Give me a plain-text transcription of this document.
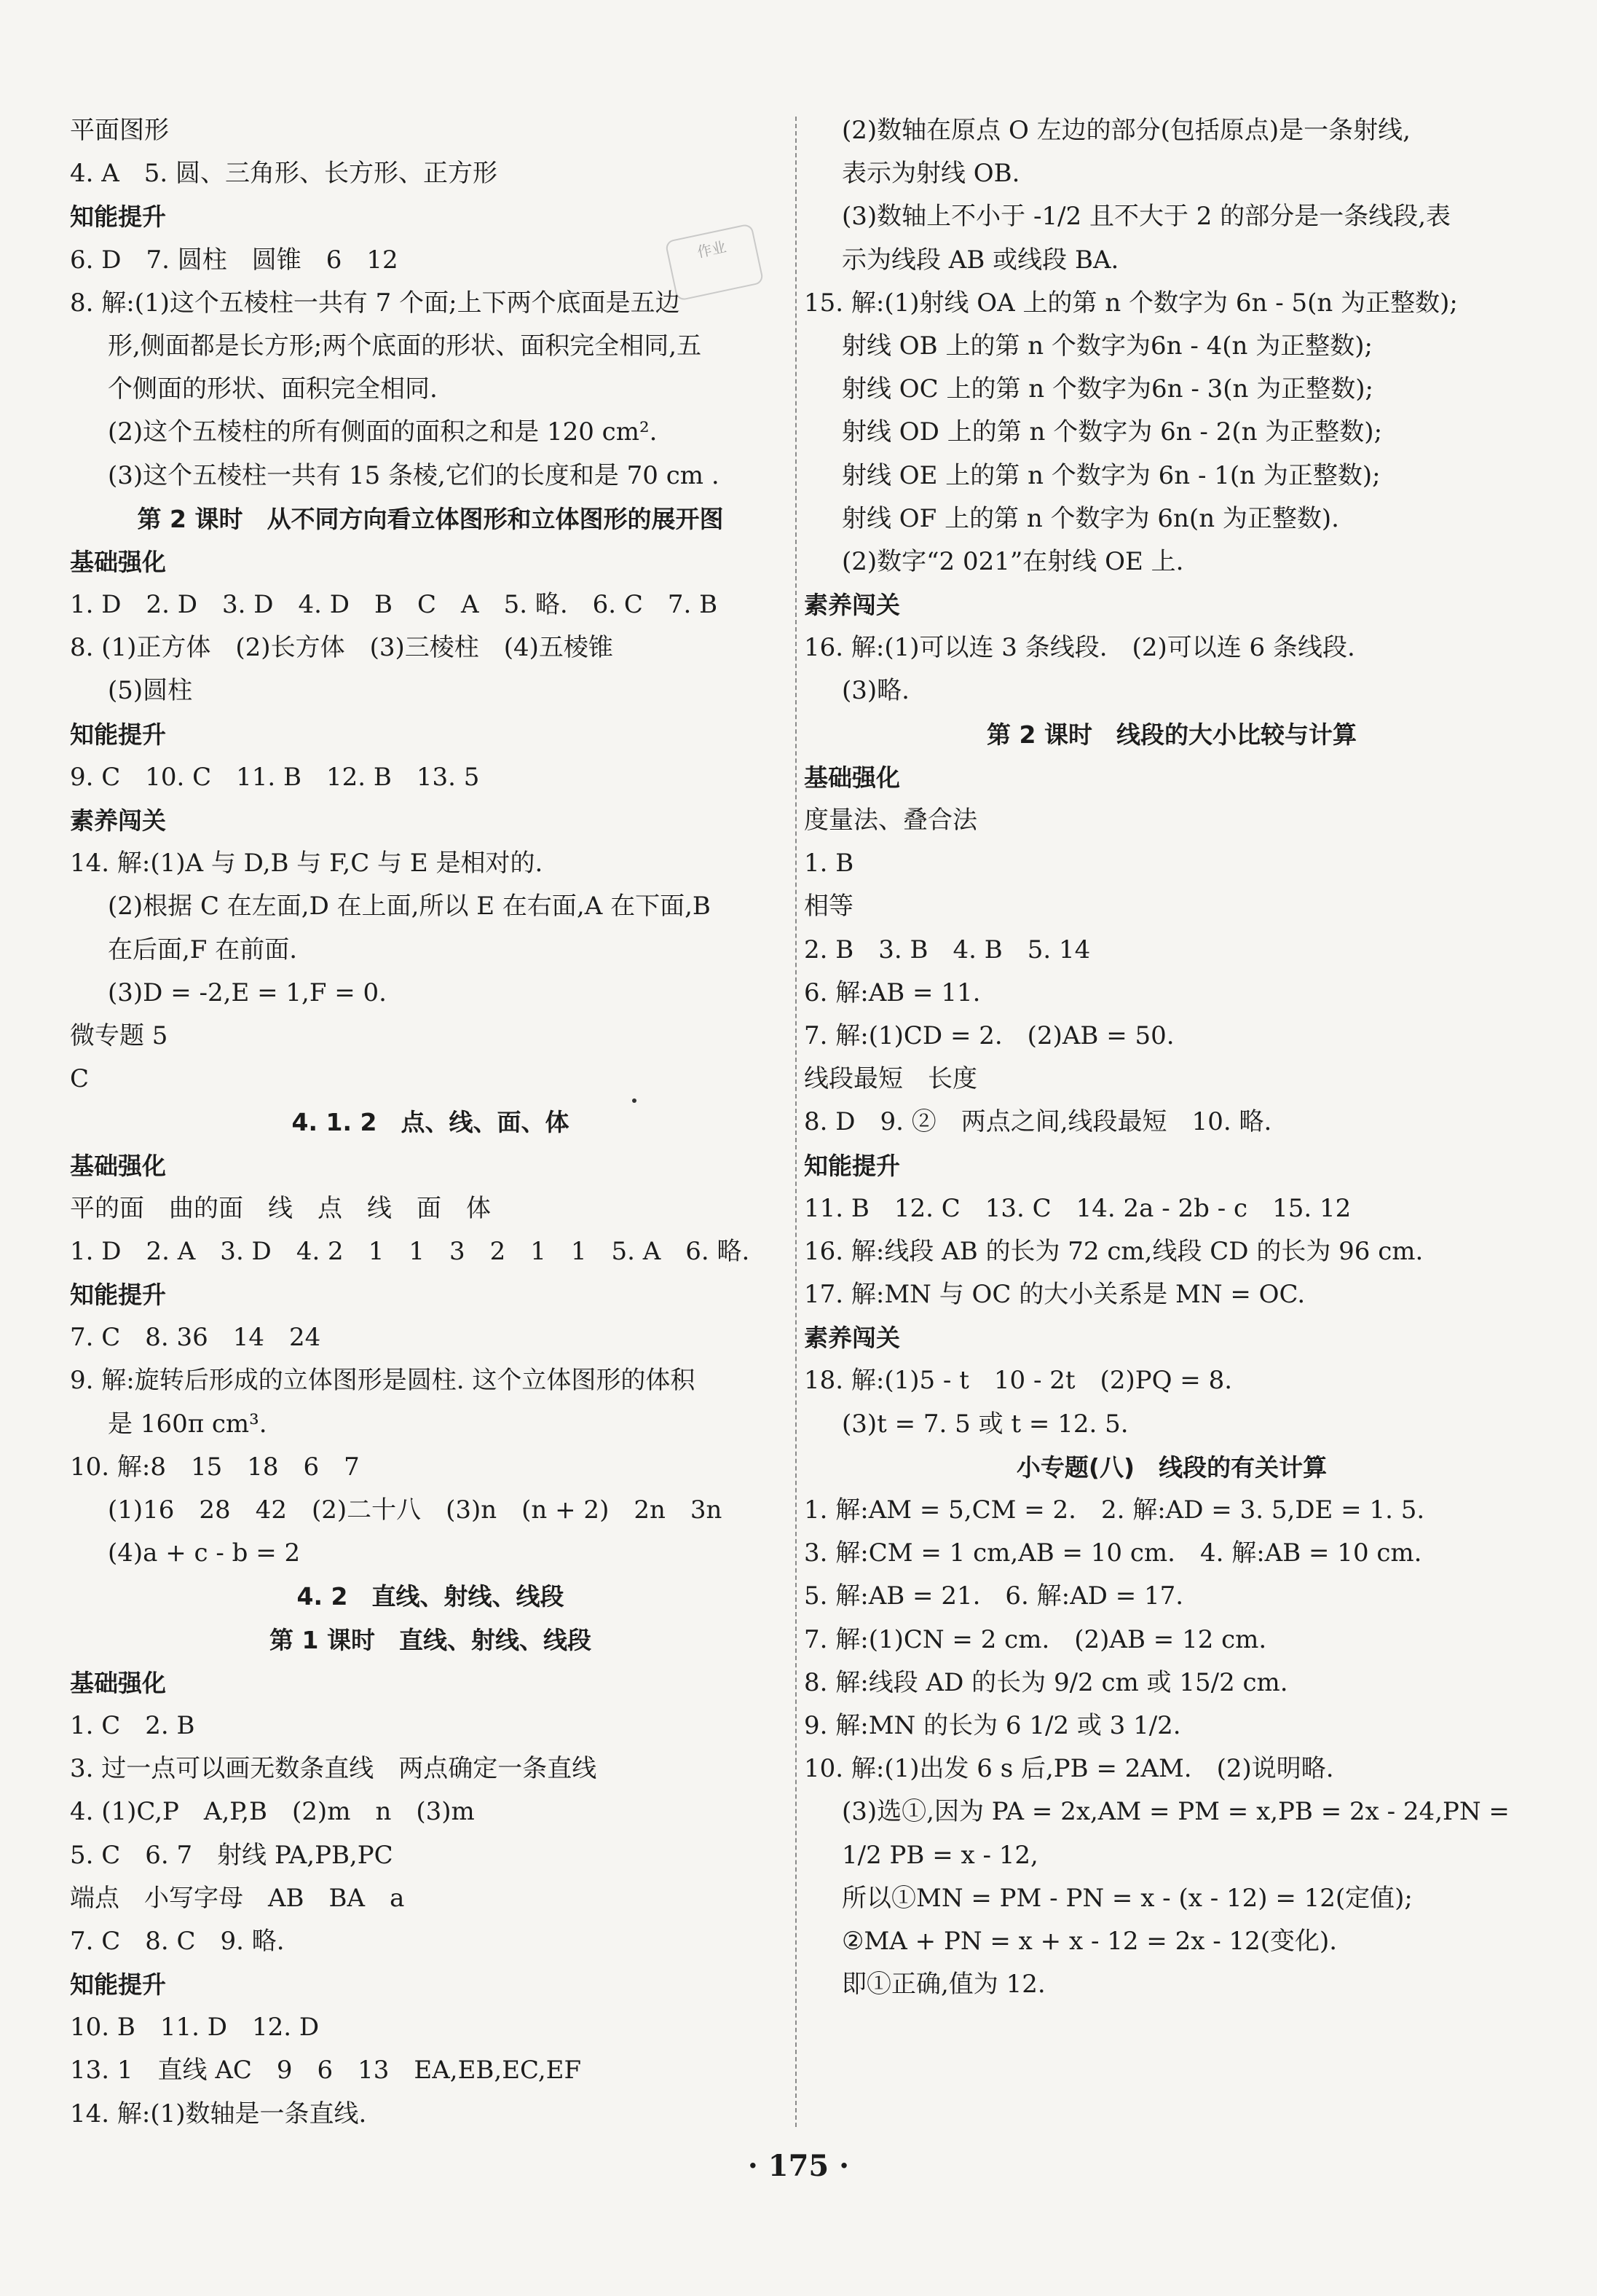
作业
平面图形
4. A　5. 圆、三角形、长方形、正方形
知能提升
6. D　7. 圆柱　圆锥　6　12
8. 解:(1)这个五棱柱一共有 7 个面;上下两个底面是五边
形,侧面都是长方形;两个底面的形状、面积完全相同,五
个侧面的形状、面积完全相同.
(2)这个五棱柱的所有侧面的面积之和是 120 cm².
(3)这个五棱柱一共有 15 条棱,它们的长度和是 70 cm .
第 2 课时　从不同方向看立体图形和立体图形的展开图
基础强化
1. D　2. D　3. D　4. D　B　C　A　5. 略.　6. C　7. B
8. (1)正方体　(2)长方体　(3)三棱柱　(4)五棱锥
(5)圆柱
知能提升
9. C　10. C　11. B　12. B　13. 5
素养闯关
14. 解:(1)A 与 D,B 与 F,C 与 E 是相对的.
(2)根据 C 在左面,D 在上面,所以 E 在右面,A 在下面,B
在后面,F 在前面.
(3)D = -2,E = 1,F = 0.
微专题 5
C
4. 1. 2　点、线、面、体
基础强化
平的面　曲的面　线　点　线　面　体
1. D　2. A　3. D　4. 2　1　1　3　2　1　1　5. A　6. 略.
知能提升
7. C　8. 36　14　24
9. 解:旋转后形成的立体图形是圆柱. 这个立体图形的体积
是 160π cm³.
10. 解:8　15　18　6　7
(1)16　28　42　(2)二十八　(3)n　(n + 2)　2n　3n
(4)a + c - b = 2
4. 2　直线、射线、线段
第 1 课时　直线、射线、线段
基础强化
1. C　2. B
3. 过一点可以画无数条直线　两点确定一条直线
4. (1)C,P　A,P,B　(2)m　n　(3)m
5. C　6. 7　射线 PA,PB,PC
端点　小写字母　AB　BA　a
7. C　8. C　9. 略.
知能提升
10. B　11. D　12. D
13. 1　直线 AC　9　6　13　EA,EB,EC,EF
14. 解:(1)数轴是一条直线.
(2)数轴在原点 O 左边的部分(包括原点)是一条射线,
表示为射线 OB.
(3)数轴上不小于 -1/2 且不大于 2 的部分是一条线段,表
示为线段 AB 或线段 BA.
15. 解:(1)射线 OA 上的第 n 个数字为 6n - 5(n 为正整数);
射线 OB 上的第 n 个数字为6n - 4(n 为正整数);
射线 OC 上的第 n 个数字为6n - 3(n 为正整数);
射线 OD 上的第 n 个数字为 6n - 2(n 为正整数);
射线 OE 上的第 n 个数字为 6n - 1(n 为正整数);
射线 OF 上的第 n 个数字为 6n(n 为正整数).
(2)数字“2 021”在射线 OE 上.
素养闯关
16. 解:(1)可以连 3 条线段.　(2)可以连 6 条线段.
(3)略.
第 2 课时　线段的大小比较与计算
基础强化
度量法、叠合法
1. B
相等
2. B　3. B　4. B　5. 14
6. 解:AB = 11.
7. 解:(1)CD = 2.　(2)AB = 50.
线段最短　长度
8. D　9. ②　两点之间,线段最短　10. 略.
知能提升
11. B　12. C　13. C　14. 2a - 2b - c　15. 12
16. 解:线段 AB 的长为 72 cm,线段 CD 的长为 96 cm.
17. 解:MN 与 OC 的大小关系是 MN = OC.
素养闯关
18. 解:(1)5 - t　10 - 2t　(2)PQ = 8.
(3)t = 7. 5 或 t = 12. 5.
小专题(八)　线段的有关计算
1. 解:AM = 5,CM = 2.　2. 解:AD = 3. 5,DE = 1. 5.
3. 解:CM = 1 cm,AB = 10 cm.　4. 解:AB = 10 cm.
5. 解:AB = 21.　6. 解:AD = 17.
7. 解:(1)CN = 2 cm.　(2)AB = 12 cm.
8. 解:线段 AD 的长为 9/2 cm 或 15/2 cm.
9. 解:MN 的长为 6 1/2 或 3 1/2.
10. 解:(1)出发 6 s 后,PB = 2AM.　(2)说明略.
(3)选①,因为 PA = 2x,AM = PM = x,PB = 2x - 24,PN =
1/2 PB = x - 12,
所以①MN = PM - PN = x - (x - 12) = 12(定值);
②MA + PN = x + x - 12 = 2x - 12(变化).
即①正确,值为 12.
· 175 ·
